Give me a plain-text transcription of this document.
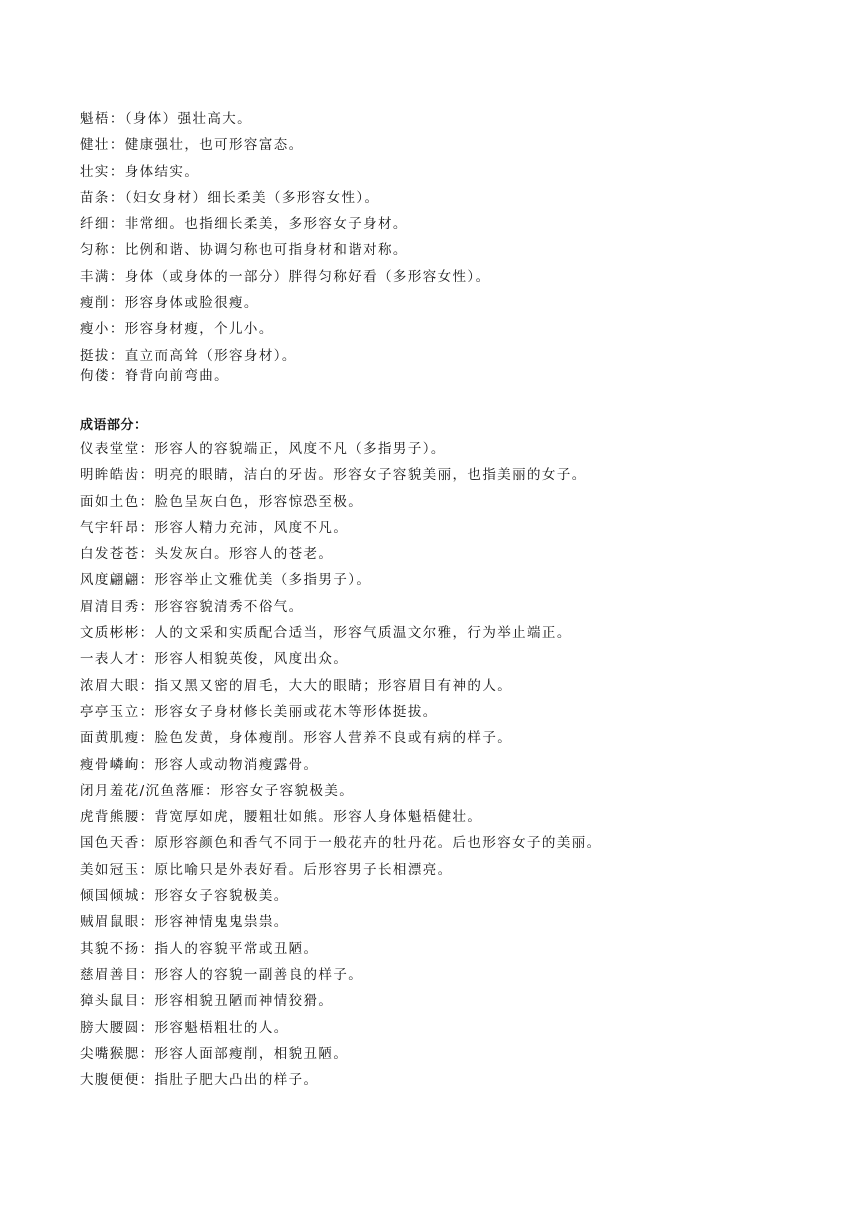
魁梧：（身体）强壮高大。
健壮：健康强壮，也可形容富态。
壮实：身体结实。
苗条：（妇女身材）细长柔美（多形容女性）。
纤细：非常细。也指细长柔美，多形容女子身材。
匀称：比例和谐、协调匀称也可指身材和谐对称。
丰满：身体（或身体的一部分）胖得匀称好看（多形容女性）。
瘦削：形容身体或脸很瘦。
瘦小：形容身材瘦，个儿小。
挺拔：直立而高耸（形容身材）。
佝偻：脊背向前弯曲。
成语部分：
仪表堂堂：形容人的容貌端正，风度不凡（多指男子）。
明眸皓齿：明亮的眼睛，洁白的牙齿。形容女子容貌美丽，也指美丽的女子。
面如土色：脸色呈灰白色，形容惊恐至极。
气宇轩昂：形容人精力充沛，风度不凡。
白发苍苍：头发灰白。形容人的苍老。
风度翩翩：形容举止文雅优美（多指男子）。
眉清目秀：形容容貌清秀不俗气。
文质彬彬：人的文采和实质配合适当，形容气质温文尔雅，行为举止端正。
一表人才：形容人相貌英俊，风度出众。
浓眉大眼：指又黑又密的眉毛，大大的眼睛；形容眉目有神的人。
亭亭玉立：形容女子身材修长美丽或花木等形体挺拔。
面黄肌瘦：脸色发黄，身体瘦削。形容人营养不良或有病的样子。
瘦骨嶙峋：形容人或动物消瘦露骨。
闭月羞花/沉鱼落雁：形容女子容貌极美。
虎背熊腰：背宽厚如虎，腰粗壮如熊。形容人身体魁梧健壮。
国色天香：原形容颜色和香气不同于一般花卉的牡丹花。后也形容女子的美丽。
美如冠玉：原比喻只是外表好看。后形容男子长相漂亮。
倾国倾城：形容女子容貌极美。
贼眉鼠眼：形容神情鬼鬼祟祟。
其貌不扬：指人的容貌平常或丑陋。
慈眉善目：形容人的容貌一副善良的样子。
獐头鼠目：形容相貌丑陋而神情狡猾。
膀大腰圆：形容魁梧粗壮的人。
尖嘴猴腮：形容人面部瘦削，相貌丑陋。
大腹便便：指肚子肥大凸出的样子。
